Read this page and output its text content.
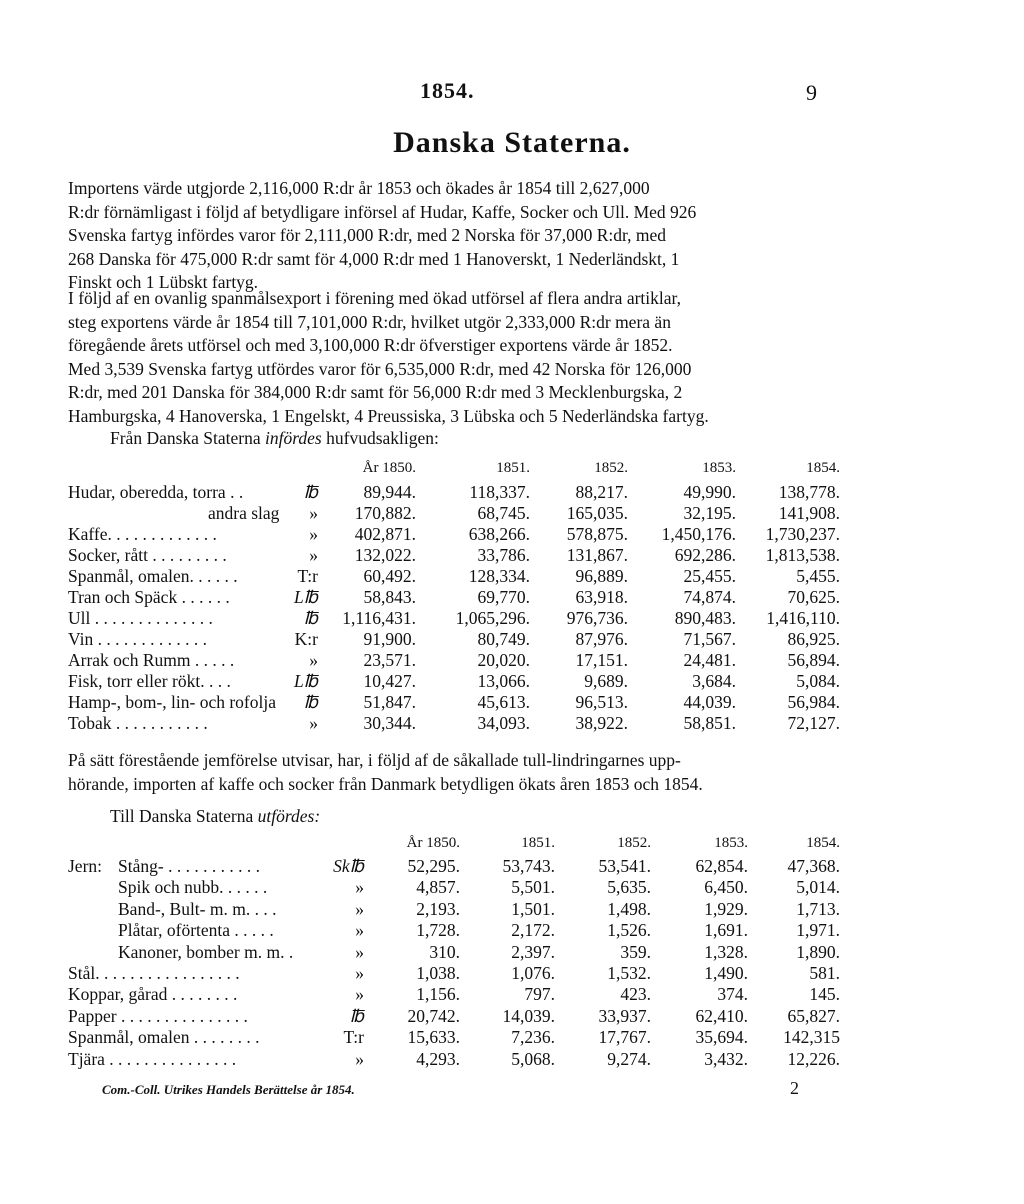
1854.	9
Danska Staterna.
Importens värde utgjorde 2,116,000 R:dr år 1853 och ökades år 1854 till 2,627,000
R:dr förnämligast i följd af betydligare införsel af Hudar, Kaffe, Socker och Ull. Med 926
Svenska fartyg infördes varor för 2,111,000 R:dr, med 2 Norska för 37,000 R:dr, med
268 Danska för 475,000 R:dr samt för 4,000 R:dr med 1 Hanoverskt, 1 Nederländskt, 1
Finskt och 1 Lübskt fartyg.
I följd af en ovanlig spanmålsexport i förening med ökad utförsel af flera andra artiklar,
steg exportens värde år 1854 till 7,101,000 R:dr, hvilket utgör 2,333,000 R:dr mera än
föregående årets utförsel och med 3,100,000 R:dr öfverstiger exportens värde år 1852.
Med 3,539 Svenska fartyg utfördes varor för 6,535,000 R:dr, med 42 Norska för 126,000
R:dr, med 201 Danska för 384,000 R:dr samt för 56,000 R:dr med 3 Mecklenburgska, 2
Hamburgska, 4 Hanoverska, 1 Engelskt, 4 Preussiska, 3 Lübska och 5 Nederländska fartyg.
Från Danska Staterna infördes hufvudsakligen:
År 1850.	1851.	1852.	1853.	1854.
Hudar, oberedda, torra . .	℔	89,944.	118,337.	88,217.	49,990. 138,778.
andra slag » 170,882.	68,745. 165,035.	32,195. 141,908.
Kaffe. . . . . . . . . . . . .	» 402,871.	638,266. 578,875. 1,450,176. 1,730,237.
Socker, rått . . . . . . . . .	» 132,022.	33,786. 131,867.	692,286. 1,813,538.
Spanmål, omalen. . . . . .	T:r	60,492.	128,334.	96,889.	25,455.	5,455.
Tran och Späck . . . . . .	L℔	58,843.	69,770.	63,918.	74,874.	70,625.
Ull . . . . . . . . . . . . . .	℔ 1,116,431. 1,065,296. 976,736.	890,483. 1,416,110.
Vin . . . . . . . . . . . . .	K:r	91,900.	80,749.	87,976.	71,567.	86,925.
Arrak och Rumm . . . . .	»	23,571.	20,020.	17,151.	24,481.	56,894.
Fisk, torr eller rökt. . . .	L℔	10,427.	13,066.	9,689.	3,684.	5,084.
Hamp-, bom-, lin- och rofolja ℔	51,847.	45,613.	96,513.	44,039.	56,984.
Tobak . . . . . . . . . . .	»	30,344.	34,093.	38,922.	58,851.	72,127.
På sätt förestående jemförelse utvisar, har, i följd af de såkallade tull-lindringarnes upp-
hörande, importen af kaffe och socker från Danmark betydligen ökats åren 1853 och 1854.
Till Danska Staterna utfördes:
År 1850.	1851.	1852.	1853.	1854.
Jern: Stång- . . . . . . . . . . .	Sk℔ 52,295. 53,743. 53,541.	62,854. 47,368.
Spik och nubb. . . . . .	»	4,857.	5,501.	5,635.	6,450.	5,014.
Band-, Bult- m. m. . . .	»	2,193.	1,501.	1,498.	1,929.	1,713.
Plåtar, oförtenta . . . . .	»	1,728.	2,172.	1,526.	1,691.	1,971.
Kanoner, bomber m. m. .	»	310.	2,397.	359.	1,328.	1,890.
Stål. . . . . . . . . . . . . . . . .	»	1,038.	1,076.	1,532.	1,490.	581.
Koppar, gårad . . . . . . . .	»	1,156.	797.	423.	374.	145.
Papper . . . . . . . . . . . . . . .	℔ 20,742. 14,039. 33,937.	62,410. 65,827.
Spanmål, omalen . . . . . . . .	T:r 15,633.	7,236. 17,767.	35,694. 142,315
Tjära . . . . . . . . . . . . . . .	»	4,293.	5,068.	9,274.	3,432. 12,226.
Com.-Coll. Utrikes Handels Berättelse år 1854.	2
